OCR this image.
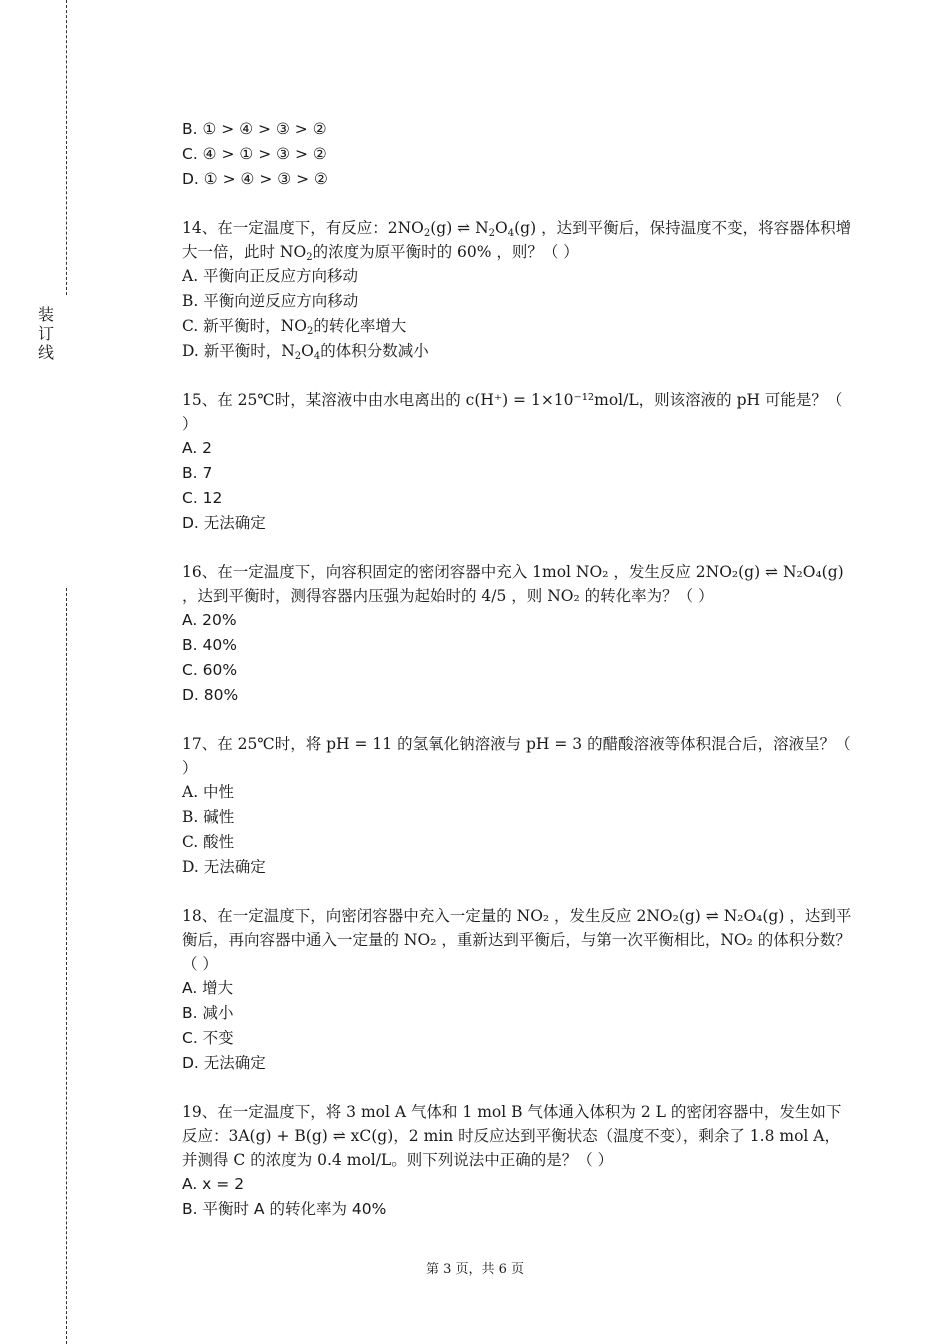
装
订
线

B. ① > ④ > ③ > ②

C. ④ > ① > ③ > ②

D. ① > ④ > ③ > ②

14、在一定温度下，有反应：$2NO_2(g)$ ⇌ $N_2O_4(g)$ ，达到平衡后，保持温度不变，将容器体积增大一倍，此时 $NO_2$的浓度为原平衡时的 60% ，则？（ ）

A. 平衡向正反应方向移动

B. 平衡向逆反应方向移动

C. 新平衡时，$NO_2$的转化率增大

D. 新平衡时，$N_2O_4$的体积分数减小

15、在 25℃时，某溶液中由水电离出的 c(H⁺) = 1×10⁻¹²mol/L，则该溶液的 pH 可能是？（ ）

A. 2

B. 7

C. 12

D. 无法确定

16、在一定温度下，向容积固定的密闭容器中充入 1mol NO₂ ，发生反应 2NO₂(g) ⇌ N₂O₄(g) ，达到平衡时，测得容器内压强为起始时的 4/5 ，则 NO₂ 的转化率为？（ ）

A. 20%

B. 40%

C. 60%

D. 80%

17、在 25℃时，将 pH = 11 的氢氧化钠溶液与 pH = 3 的醋酸溶液等体积混合后，溶液呈？（ ）

A. 中性

B. 碱性

C. 酸性

D. 无法确定

18、在一定温度下，向密闭容器中充入一定量的 NO₂ ，发生反应 2NO₂(g) ⇌ N₂O₄(g) ，达到平衡后，再向容器中通入一定量的 NO₂ ，重新达到平衡后，与第一次平衡相比，NO₂ 的体积分数？（ ）

A. 增大

B. 减小

C. 不变

D. 无法确定

19、在一定温度下，将 3 mol A 气体和 1 mol B 气体通入体积为 2 L 的密闭容器中，发生如下反应：3A(g) + B(g) ⇌ xC(g)，2 min 时反应达到平衡状态（温度不变），剩余了 1.8 mol A，并测得 C 的浓度为 0.4 mol/L。则下列说法中正确的是？（ ）

A. x = 2

B. 平衡时 A 的转化率为 40%

第 3 页，共 6 页
